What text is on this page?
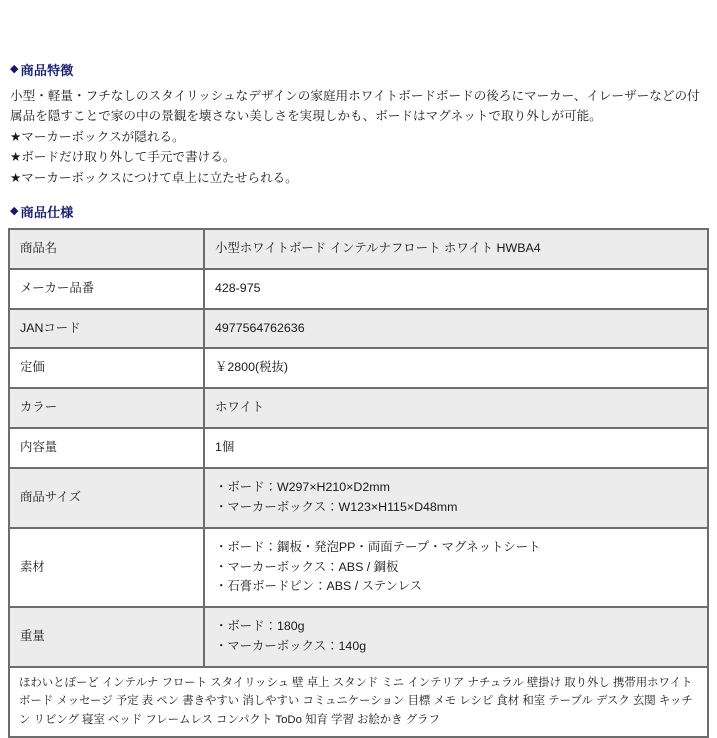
◆ 商品特徴

小型・軽量・フチなしのスタイリッシュなデザインの家庭用ホワイトボードボードの後ろにマーカー、イレーザーなどの付属品を隠すことで家の中の景観を壊さない美しさを実現しかも、ボードはマグネットで取り外しが可能。

★マーカーボックスが隠れる。

★ボードだけ取り外して手元で書ける。

★マーカーボックスにつけて卓上に立たせられる。

◆ 商品仕様
商品名	小型ホワイトボード インテルナフロート ホワイト HWBA4

メーカー品番	428-975

JANコード	4977564762636

定価	￥2800(税抜)

カラー	ホワイト

内容量	1個

商品サイズ	・ボード：W297×H210×D2mm
・マーカーボックス：W123×H115×D48mm

素材	・ボード：鋼板・発泡PP・両面テープ・マグネットシート
・マーカーボックス：ABS / 鋼板
・石膏ボードピン：ABS / ステンレス

重量	・ボード：180g
・マーカーボックス：140g
ほわいとぼーど インテルナ フロート スタイリッシュ 壁 卓上 スタンド ミニ インテリア ナチュラル 壁掛け 取り外し 携帯用ホワイトボード メッセージ 予定 表 ペン 書きやすい 消しやすい コミュニケーション 目標 メモ レシピ 食材 和室 テーブル デスク 玄関 キッチン リビング 寝室 ベッド フレームレス コンパクト ToDo 知育 学習 お絵かき グラフ
